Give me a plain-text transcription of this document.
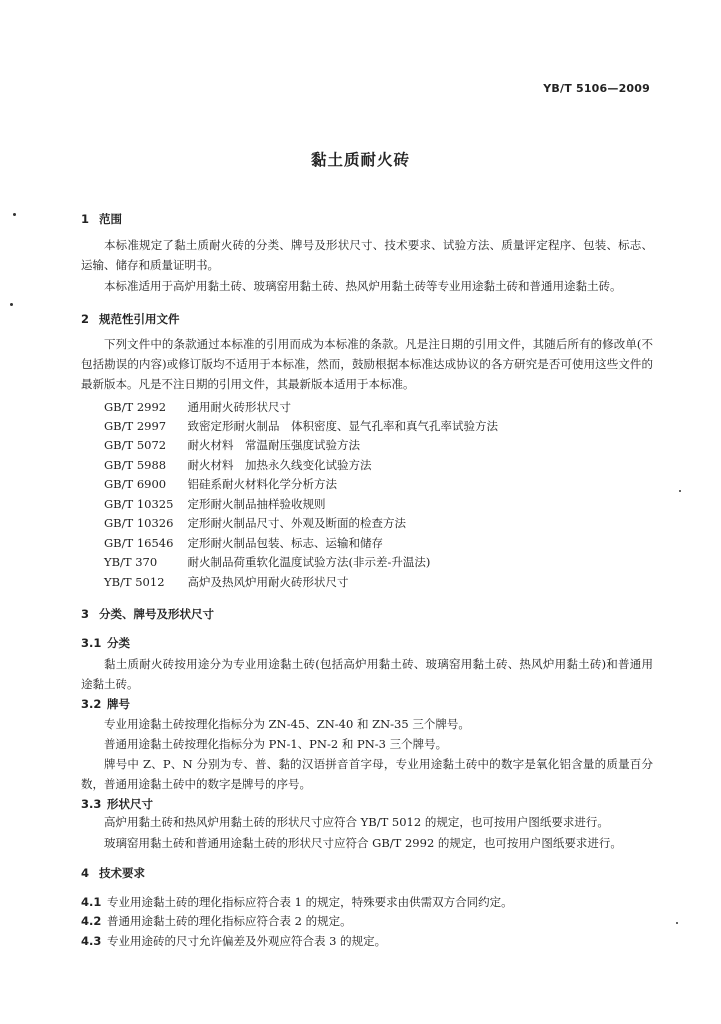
YB/T 5106—2009
黏土质耐火砖
1 范围
本标准规定了黏土质耐火砖的分类、牌号及形状尺寸、技术要求、试验方法、质量评定程序、包装、标志、运输、储存和质量证明书。
本标准适用于高炉用黏土砖、玻璃窑用黏土砖、热风炉用黏土砖等专业用途黏土砖和普通用途黏土砖。
2 规范性引用文件
下列文件中的条款通过本标准的引用而成为本标准的条款。凡是注日期的引用文件，其随后所有的修改单(不包括勘误的内容)或修订版均不适用于本标准，然而，鼓励根据本标准达成协议的各方研究是否可使用这些文件的最新版本。凡是不注日期的引用文件，其最新版本适用于本标准。
GB/T 2992　 通用耐火砖形状尺寸
GB/T 2997　 致密定形耐火制品　体积密度、显气孔率和真气孔率试验方法
GB/T 5072　 耐火材料　常温耐压强度试验方法
GB/T 5988　 耐火材料　加热永久线变化试验方法
GB/T 6900　 铝硅系耐火材料化学分析方法
GB/T 10325　 定形耐火制品抽样验收规则
GB/T 10326　 定形耐火制品尺寸、外观及断面的检查方法
GB/T 16546　 定形耐火制品包装、标志、运输和储存
YB/T 370　	耐火制品荷重软化温度试验方法(非示差-升温法)
YB/T 5012　 高炉及热风炉用耐火砖形状尺寸
3 分类、牌号及形状尺寸
3.1 分类
黏土质耐火砖按用途分为专业用途黏土砖(包括高炉用黏土砖、玻璃窑用黏土砖、热风炉用黏土砖)和普通用途黏土砖。
3.2 牌号
专业用途黏土砖按理化指标分为 ZN-45、ZN-40 和 ZN-35 三个牌号。
普通用途黏土砖按理化指标分为 PN-1、PN-2 和 PN-3 三个牌号。
牌号中 Z、P、N 分别为专、普、黏的汉语拼音首字母，专业用途黏土砖中的数字是氧化铝含量的质量百分数，普通用途黏土砖中的数字是牌号的序号。
3.3 形状尺寸
高炉用黏土砖和热风炉用黏土砖的形状尺寸应符合 YB/T 5012 的规定，也可按用户图纸要求进行。
玻璃窑用黏土砖和普通用途黏土砖的形状尺寸应符合 GB/T 2992 的规定，也可按用户图纸要求进行。
4 技术要求
4.1 专业用途黏土砖的理化指标应符合表 1 的规定，特殊要求由供需双方合同约定。
4.2 普通用途黏土砖的理化指标应符合表 2 的规定。
4.3 专业用途砖的尺寸允许偏差及外观应符合表 3 的规定。
